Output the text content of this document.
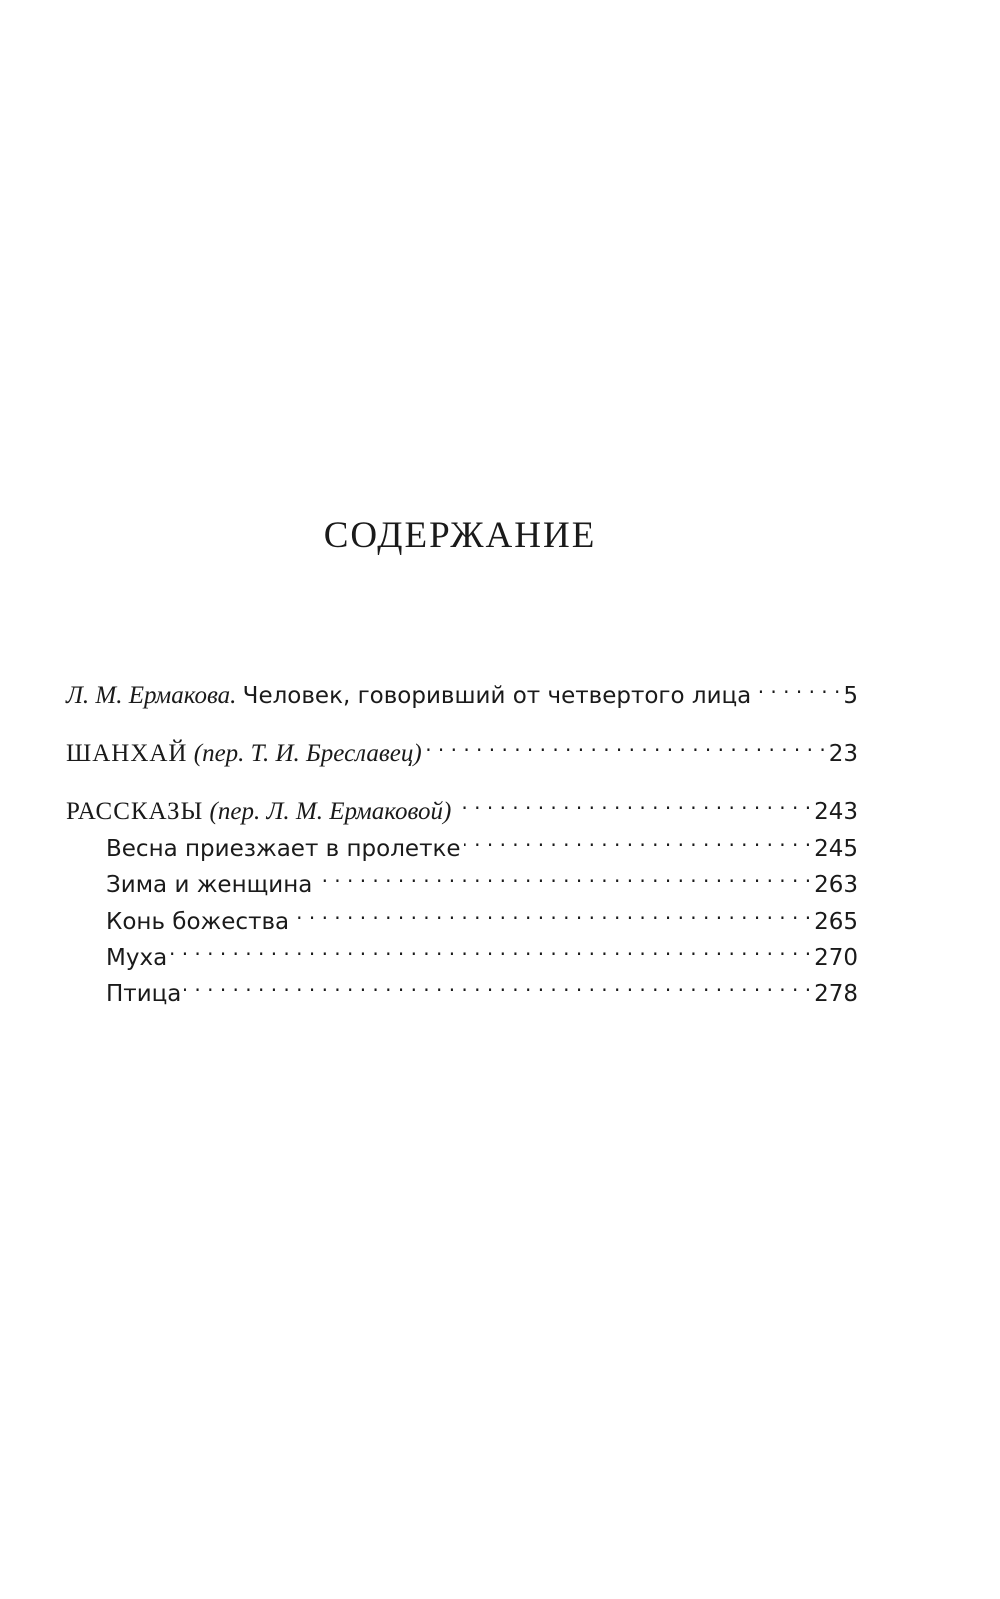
СОДЕРЖАНИЕ
Л. М. Ермакова. Человек, говоривший от четвертого лица . . .	5
ШАНХАЙ (пер. Т. И. Бреславец) . . .	23
РАССКАЗЫ (пер. Л. М. Ермаковой) . . .	243
Весна приезжает в пролетке . . .	245
Зима и женщина . . .	263
Конь божества . . .	265
Муха . . .	270
Птица . . .	278
